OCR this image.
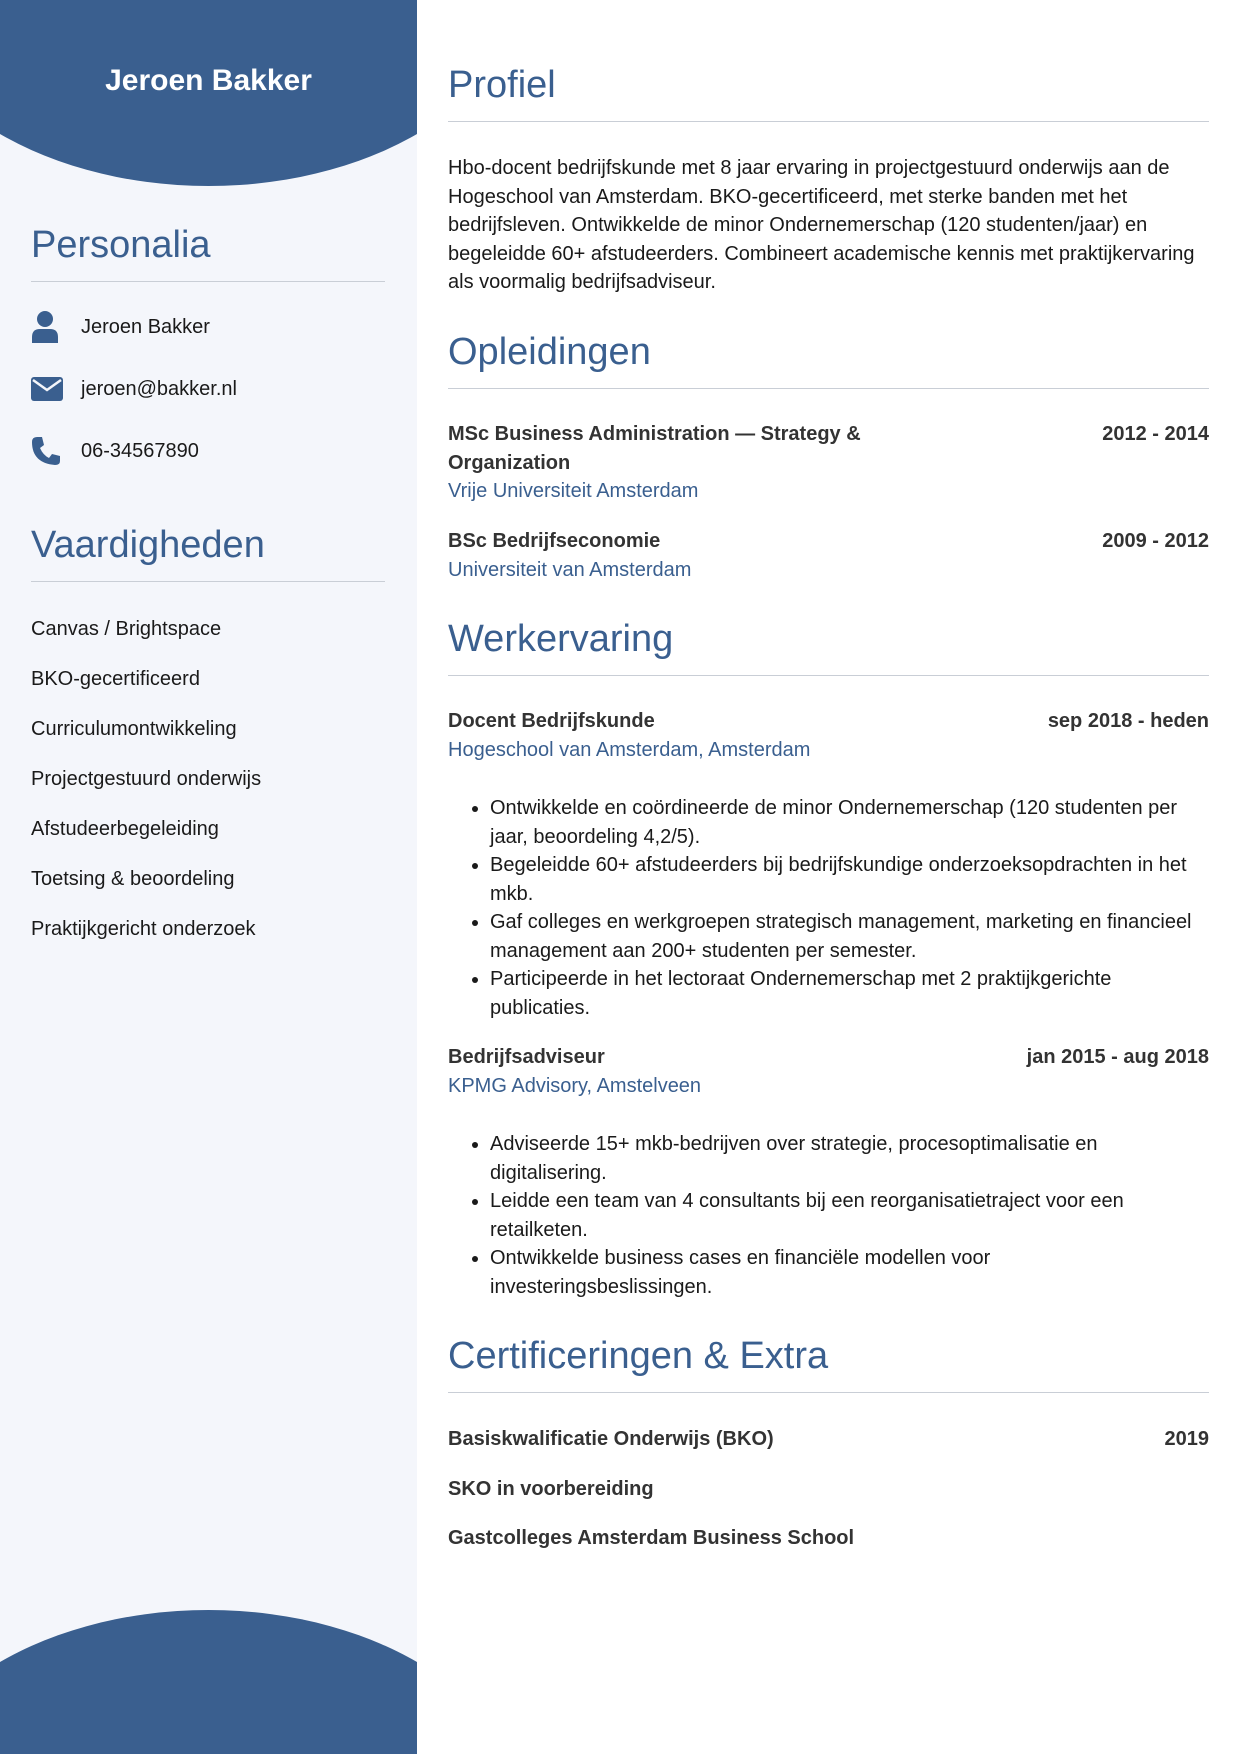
Jeroen Bakker
Personalia
Jeroen Bakker
jeroen@bakker.nl
06-34567890
Vaardigheden
Canvas / Brightspace
BKO-gecertificeerd
Curriculumontwikkeling
Projectgestuurd onderwijs
Afstudeerbegeleiding
Toetsing & beoordeling
Praktijkgericht onderzoek
Profiel
Hbo-docent bedrijfskunde met 8 jaar ervaring in projectgestuurd onderwijs aan de Hogeschool van Amsterdam. BKO-gecertificeerd, met sterke banden met het bedrijfsleven. Ontwikkelde de minor Ondernemerschap (120 studenten/jaar) en begeleidde 60+ afstudeerders. Combineert academische kennis met praktijkervaring als voormalig bedrijfsadviseur.
Opleidingen
MSc Business Administration — Strategy & Organization
2012 - 2014
Vrije Universiteit Amsterdam
BSc Bedrijfseconomie	2009 - 2012
Universiteit van Amsterdam
Werkervaring
Docent Bedrijfskunde	sep 2018 - heden
Hogeschool van Amsterdam, Amsterdam
• Ontwikkelde en coördineerde de minor Ondernemerschap (120 studenten per jaar, beoordeling 4,2/5).
• Begeleidde 60+ afstudeerders bij bedrijfskundige onderzoeksopdrachten in het mkb.
• Gaf colleges en werkgroepen strategisch management, marketing en financieel management aan 200+ studenten per semester.
• Participeerde in het lectoraat Ondernemerschap met 2 praktijkgerichte publicaties.
Bedrijfsadviseur	jan 2015 - aug 2018
KPMG Advisory, Amstelveen
• Adviseerde 15+ mkb-bedrijven over strategie, procesoptimalisatie en digitalisering.
• Leidde een team van 4 consultants bij een reorganisatietraject voor een retailketen.
• Ontwikkelde business cases en financiële modellen voor investeringsbeslissingen.
Certificeringen & Extra
Basiskwalificatie Onderwijs (BKO)	2019
SKO in voorbereiding
Gastcolleges Amsterdam Business School
